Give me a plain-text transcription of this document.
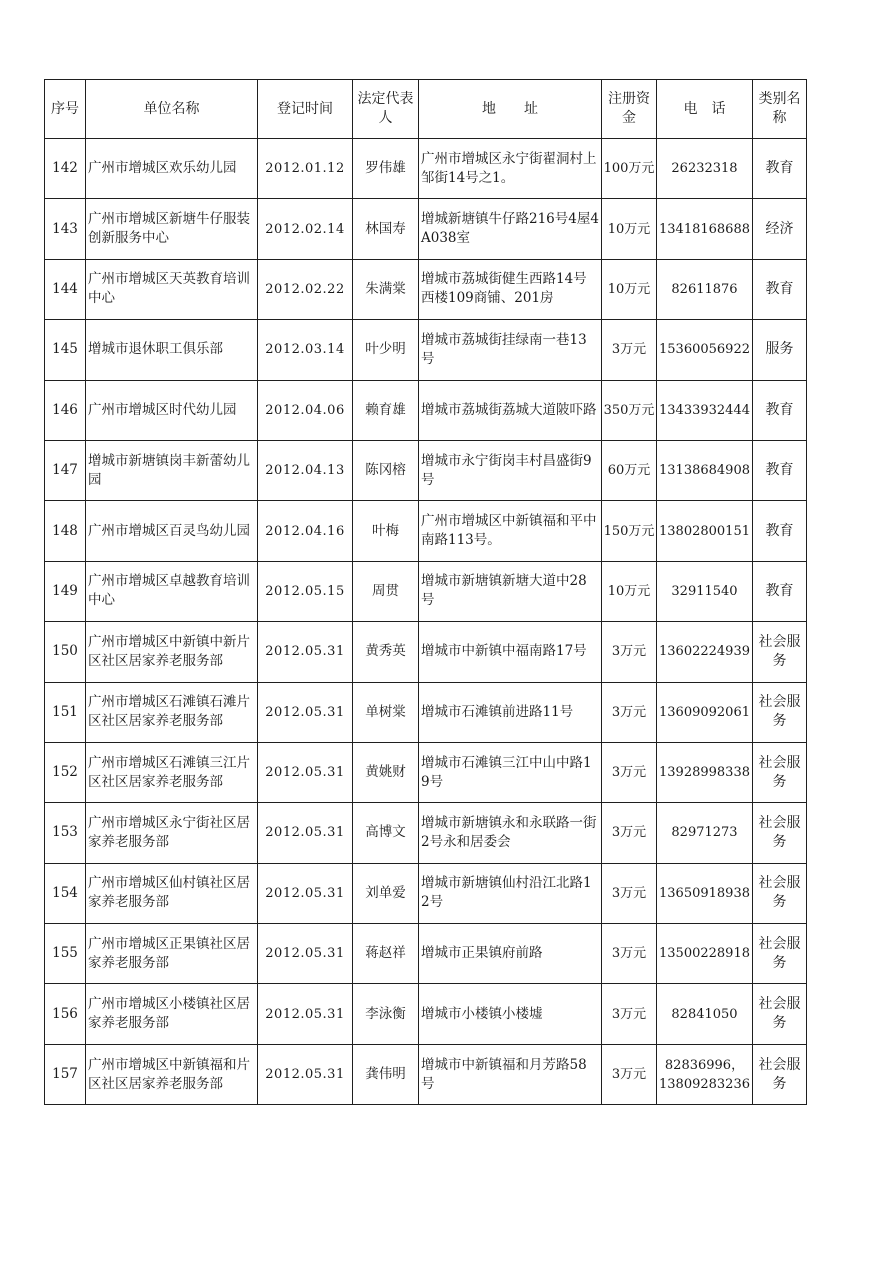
序号	单位名称	登记时间	法定代表人	地　　址	注册资金	电　话	类别名称
142	广州市增城区欢乐幼儿园	2012.01.12	罗伟雄	广州市增城区永宁街翟洞村上邹街14号之1。	100万元	26232318	教育
143	广州市增城区新塘牛仔服装创新服务中心	2012.02.14	林国寿	增城新塘镇牛仔路216号4屋4A038室	10万元	13418168688	经济
144	广州市增城区天英教育培训中心	2012.02.22	朱满棠	增城市荔城街健生西路14号西楼109商铺、201房	10万元	82611876	教育
145	增城市退休职工俱乐部	2012.03.14	叶少明	增城市荔城街挂绿南一巷13号	3万元	15360056922	服务
146	广州市增城区时代幼儿园	2012.04.06	赖育雄	增城市荔城街荔城大道陂吓路	350万元	13433932444	教育
147	增城市新塘镇岗丰新蕾幼儿园	2012.04.13	陈冈榕	增城市永宁街岗丰村昌盛街9号	60万元	13138684908	教育
148	广州市增城区百灵鸟幼儿园	2012.04.16	叶梅	广州市增城区中新镇福和平中南路113号。	150万元	13802800151	教育
149	广州市增城区卓越教育培训中心	2012.05.15	周贯	增城市新塘镇新塘大道中28号	10万元	32911540	教育
150	广州市增城区中新镇中新片区社区居家养老服务部	2012.05.31	黄秀英	增城市中新镇中福南路17号	3万元	13602224939	社会服务
151	广州市增城区石滩镇石滩片区社区居家养老服务部	2012.05.31	单树棠	增城市石滩镇前进路11号	3万元	13609092061	社会服务
152	广州市增城区石滩镇三江片区社区居家养老服务部	2012.05.31	黄姚财	增城市石滩镇三江中山中路19号	3万元	13928998338	社会服务
153	广州市增城区永宁街社区居家养老服务部	2012.05.31	高博文	增城市新塘镇永和永联路一街2号永和居委会	3万元	82971273	社会服务
154	广州市增城区仙村镇社区居家养老服务部	2012.05.31	刘单爱	增城市新塘镇仙村沿江北路12号	3万元	13650918938	社会服务
155	广州市增城区正果镇社区居家养老服务部	2012.05.31	蒋赵祥	增城市正果镇府前路	3万元	13500228918	社会服务
156	广州市增城区小楼镇社区居家养老服务部	2012.05.31	李泳衡	增城市小楼镇小楼墟	3万元	82841050	社会服务
157	广州市增城区中新镇福和片区社区居家养老服务部	2012.05.31	龚伟明	增城市中新镇福和月芳路58号	3万元	82836996，13809283236	社会服务
